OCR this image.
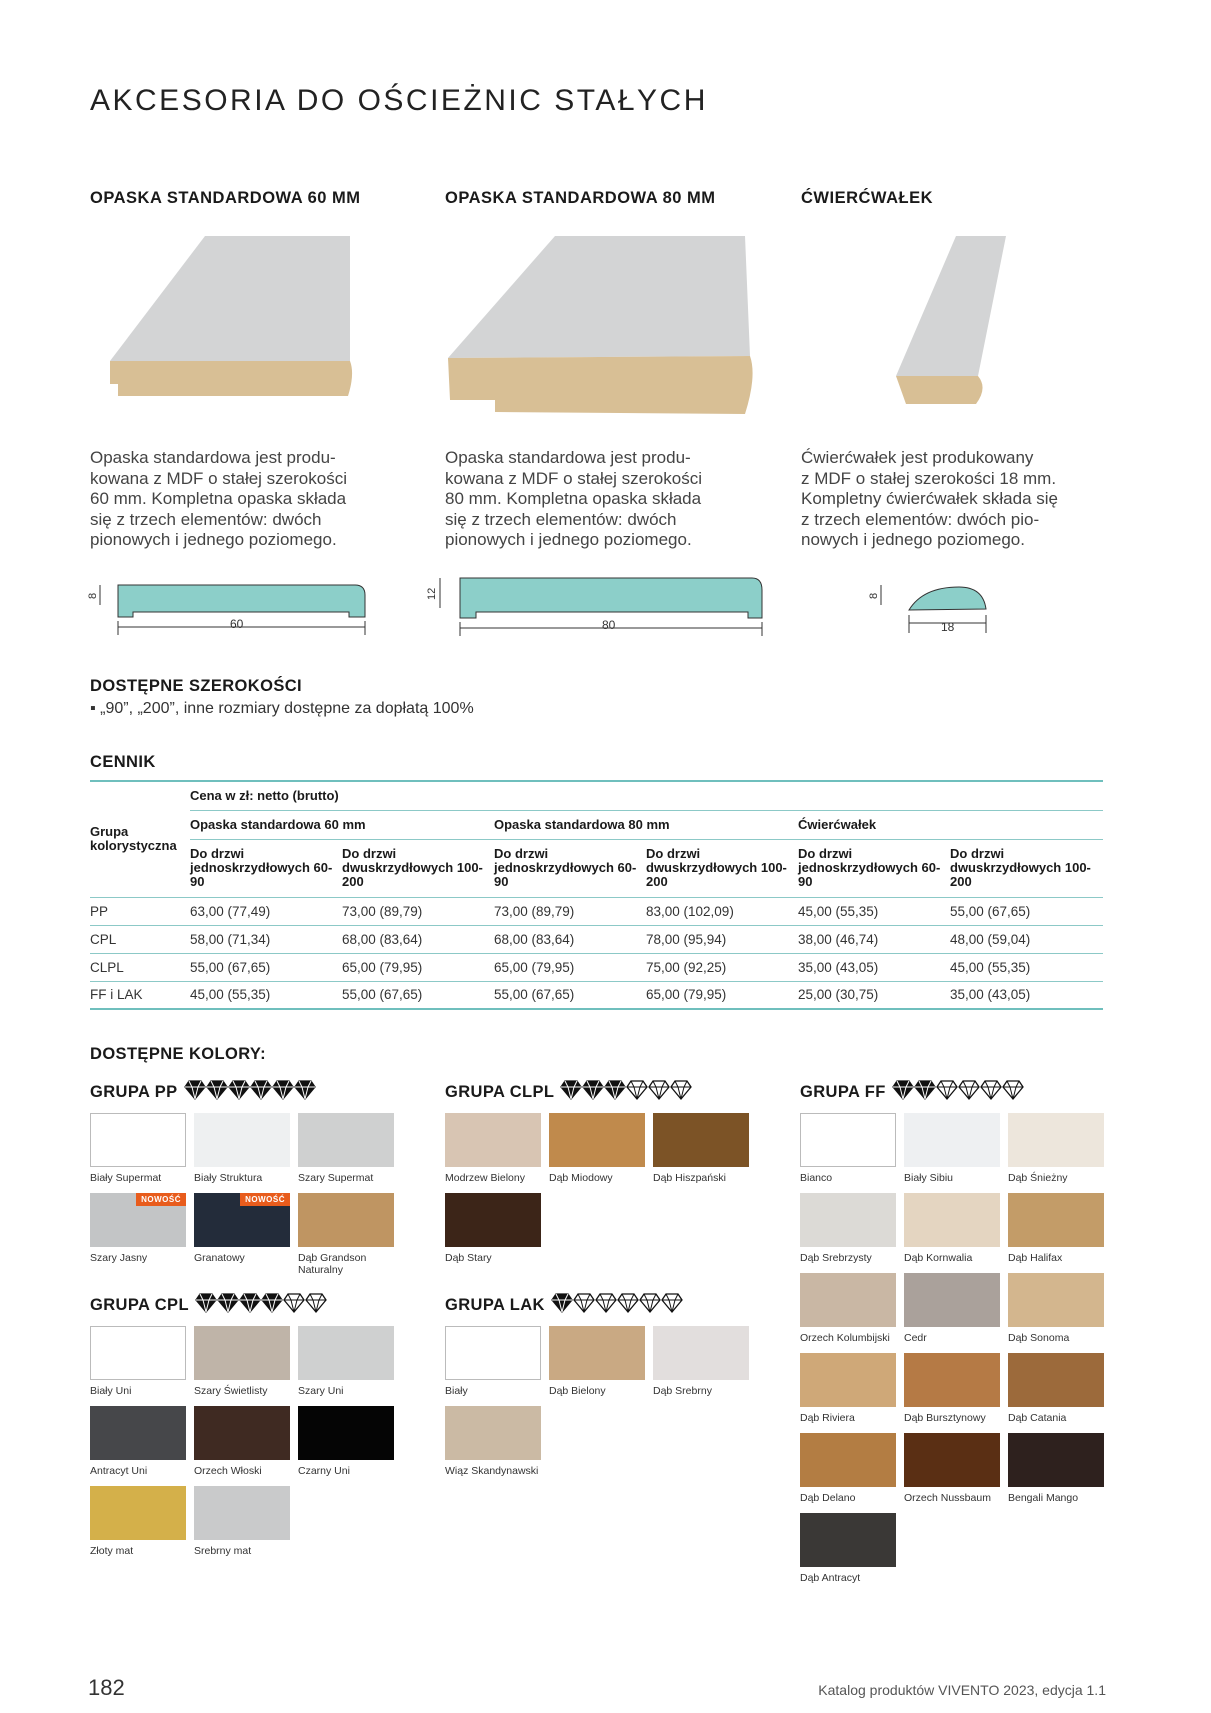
AKCESORIA DO OŚCIEŻNIC STAŁYCH
OPASKA STANDARDOWA 60 MM
Opaska standardowa jest produ-
kowana z MDF o stałej szerokości
60 mm. Kompletna opaska składa
się z trzech elementów: dwóch
pionowych i jednego poziomego.
8
60
OPASKA STANDARDOWA 80 MM
Opaska standardowa jest produ-
kowana z MDF o stałej szerokości
80 mm. Kompletna opaska składa
się z trzech elementów: dwóch
pionowych i jednego poziomego.
12
80
ĆWIERĆWAŁEK
Ćwierćwałek jest produkowany
z MDF o stałej szerokości 18 mm.
Kompletny ćwierćwałek składa się
z trzech elementów: dwóch pio-
nowych i jednego poziomego.
8
18
DOSTĘPNE SZEROKOŚCI
▪ „90”, „200”, inne rozmiary dostępne za dopłatą 100%
CENNIK
Grupa kolorystyczna	Cena w zł: netto (brutto)					
	Opaska standardowa 60 mm		Opaska standardowa 80 mm		Ćwierćwałek	
	Do drzwi jednoskrzydłowych 60-90	Do drzwi dwuskrzydłowych 100-200	Do drzwi jednoskrzydłowych 60-90	Do drzwi dwuskrzydłowych 100-200	Do drzwi jednoskrzydłowych 60-90	Do drzwi dwuskrzydłowych 100-200
PP	63,00 (77,49)	73,00 (89,79)	73,00 (89,79)	83,00 (102,09)	45,00 (55,35)	55,00 (67,65)
CPL	58,00 (71,34)	68,00 (83,64)	68,00 (83,64)	78,00 (95,94)	38,00 (46,74)	48,00 (59,04)
CLPL	55,00 (67,65)	65,00 (79,95)	65,00 (79,95)	75,00 (92,25)	35,00 (43,05)	45,00 (55,35)
FF i LAK	45,00 (55,35)	55,00 (67,65)	55,00 (67,65)	65,00 (79,95)	25,00 (30,75)	35,00 (43,05)
DOSTĘPNE KOLORY:
GRUPA PP
Biały Supermat	Biały Struktura	Szary Supermat
NOWOŚĆ
Szary Jasny
NOWOŚĆ
Granatowy	Dąb Grandson Naturalny
GRUPA CLPL
Modrzew Bielony	Dąb Miodowy	Dąb Hiszpański
Dąb Stary
GRUPA FF
Bianco	Biały Sibiu	Dąb Śnieżny
Dąb Srebrzysty	Dąb Kornwalia	Dąb Halifax
Orzech Kolumbijski	Cedr	Dąb Sonoma
Dąb Riviera	Dąb Bursztynowy	Dąb Catania
Dąb Delano	Orzech Nussbaum	Bengali Mango
Dąb Antracyt
GRUPA CPL
Biały Uni	Szary Świetlisty	Szary Uni
Antracyt Uni	Orzech Włoski	Czarny Uni
Złoty mat	Srebrny mat
GRUPA LAK
Biały	Dąb Bielony	Dąb Srebrny
Wiąz Skandynawski
182	Katalog produktów VIVENTO 2023, edycja 1.1
